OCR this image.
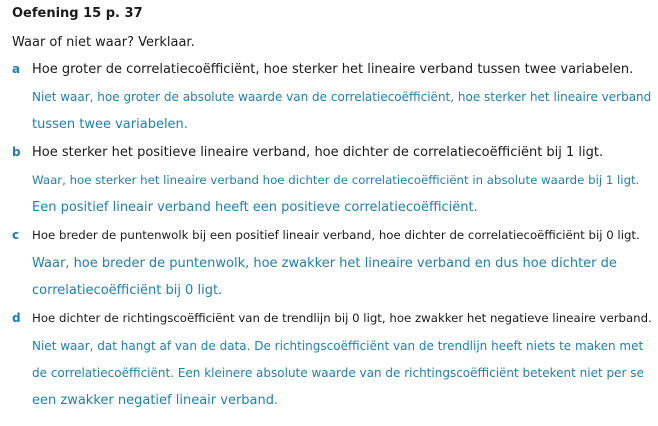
Oefening 15 p. 37
Waar of niet waar? Verklaar.
a Hoe groter de correlatiecoëfficiënt, hoe sterker het lineaire verband tussen twee variabelen.
Niet waar, hoe groter de absolute waarde van de correlatiecoëfficiënt, hoe sterker het lineaire verband
tussen twee variabelen.
b Hoe sterker het positieve lineaire verband, hoe dichter de correlatiecoëfficiënt bij 1 ligt.
Waar, hoe sterker het lineaire verband hoe dichter de correlatiecoëfficiënt in absolute waarde bij 1 ligt.
Een positief lineair verband heeft een positieve correlatiecoëfficiënt.
c Hoe breder de puntenwolk bij een positief lineair verband, hoe dichter de correlatiecoëfficiënt bij 0 ligt.
Waar, hoe breder de puntenwolk, hoe zwakker het lineaire verband en dus hoe dichter de
correlatiecoëfficiënt bij 0 ligt.
d Hoe dichter de richtingscoëfficiënt van de trendlijn bij 0 ligt, hoe zwakker het negatieve lineaire verband.
Niet waar, dat hangt af van de data. De richtingscoëfficiënt van de trendlijn heeft niets te maken met
de correlatiecoëfficiënt. Een kleinere absolute waarde van de richtingscoëfficiënt betekent niet per se
een zwakker negatief lineair verband.
